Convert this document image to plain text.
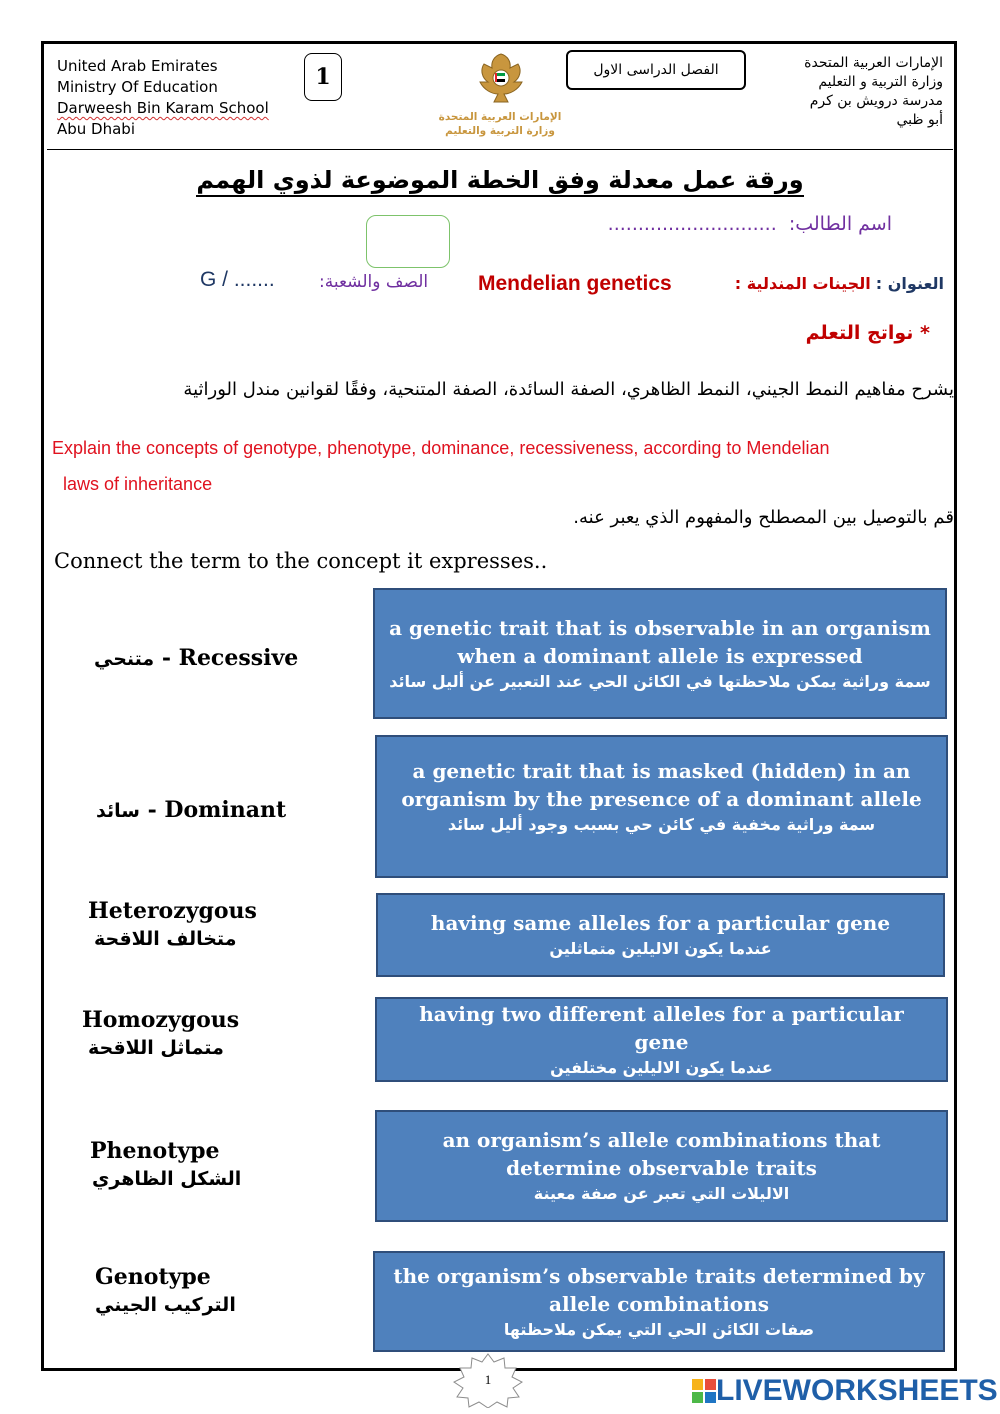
United Arab Emirates
Ministry Of Education
Darweesh Bin Karam School
Abu Dhabi
1
الإمارات العربية المتحدة
وزارة التربية والتعليم
الفصل الدراسى الاول	الإمارات العربية المتحدة
وزارة التربية و التعليم
مدرسة درويش بن كرم
أبو ظبي
ورقة عمل معدلة وفق الخطة الموضوعة لذوي الهمم
اسم الطالب: ............................
العنوان : الجينات المندلية :
Mendelian genetics
الصف والشعبة:
G / .......
* نواتج التعلم
يشرح مفاهيم النمط الجيني، النمط الظاهري، الصفة السائدة، الصفة المتنحية، وفقًا لقوانين مندل الوراثية
Explain the concepts of genotype, phenotype, dominance, recessiveness, according to Mendelian
laws of inheritance
قم بالتوصيل بين المصطلح والمفهوم الذي يعبر عنه.
Connect the term to the concept it expresses..
متنحي - Recessive
سائد - Dominant
Heterozygous
متخالف اللاقحة
Homozygous
متماثل اللاقحة
Phenotype
الشكل الظاهري
Genotype
التركيب الجيني
a genetic trait that is observable in an organism when a dominant allele is expressed
سمة وراثية يمكن ملاحظتها في الكائن الحي عند التعبير عن أليل سائد
a genetic trait that is masked (hidden) in an organism by the presence of a dominant allele
سمة وراثية مخفية في كائن حي بسبب وجود أليل سائد
having same alleles for a particular gene
عندما يكون الاليلين متماثلين
having two different alleles for a particular gene
عندما يكون الاليلين مختلفين
an organism’s allele combinations that determine observable traits
الاليلات التي تعبر عن صفة معينة
the organism’s observable traits determined by allele combinations
صفات الكائن الحي التي يمكن ملاحظتها
1	LIVEWORKSHEETS
